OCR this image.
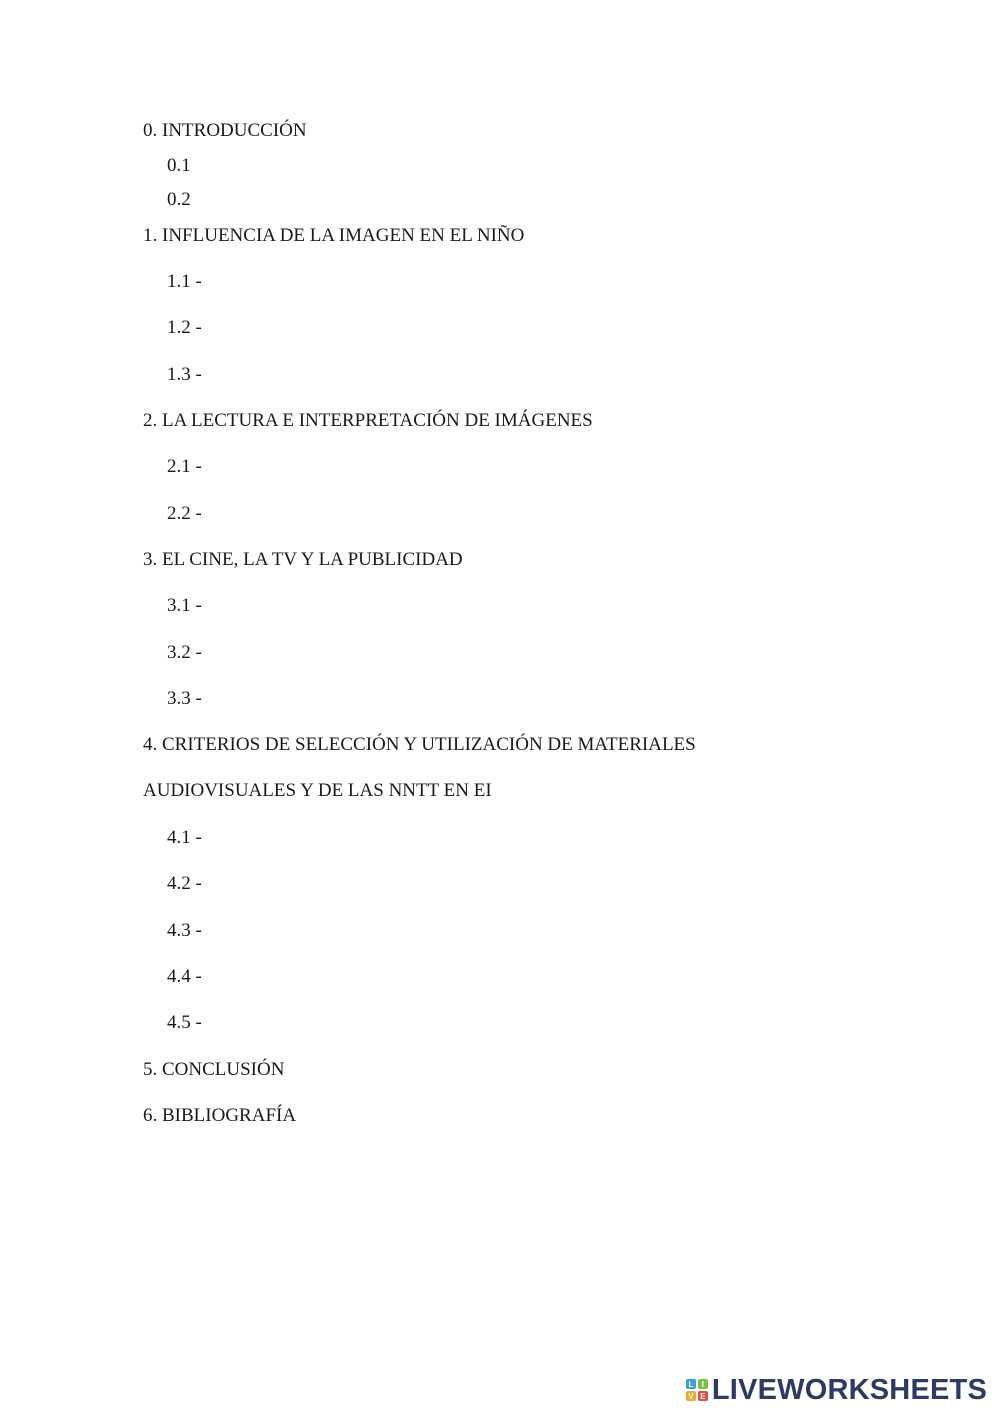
0. INTRODUCCIÓN
0.1
0.2
1. INFLUENCIA DE LA IMAGEN EN EL NIÑO
1.1 -
1.2 -
1.3 -
2. LA LECTURA E INTERPRETACIÓN DE IMÁGENES
2.1 -
2.2 -
3. EL CINE, LA TV Y LA PUBLICIDAD
3.1 -
3.2 -
3.3 -
4. CRITERIOS DE SELECCIÓN Y UTILIZACIÓN DE MATERIALES
AUDIOVISUALES Y DE LAS NNTT EN EI
4.1 -
4.2 -
4.3 -
4.4 -
4.5 -
5. CONCLUSIÓN
6. BIBLIOGRAFÍA
L	I
V E LIVEWORKSHEETS
